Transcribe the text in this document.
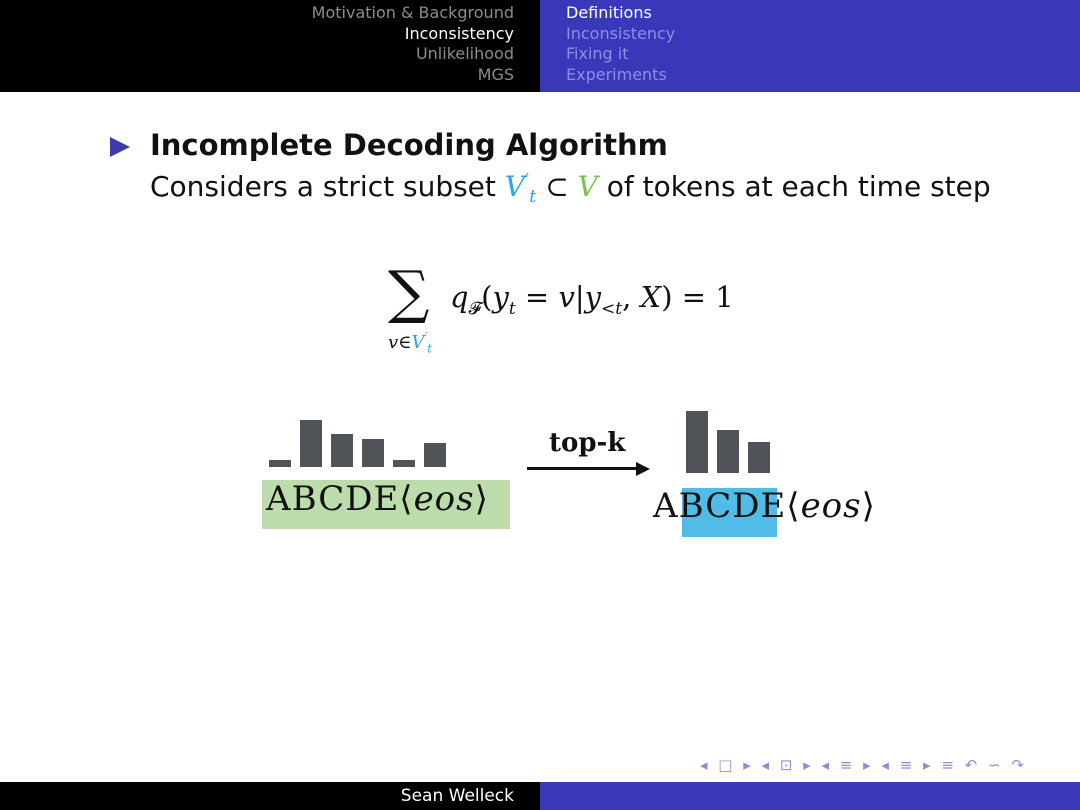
Motivation & Background
Inconsistency
Unlikelihood
MGS
Definitions
Inconsistency
Fixing it
Experiments
Incomplete Decoding Algorithm
Considers a strict subset $V'_t$ ⊂ V of tokens at each time step
∑
$v\in V'_t$
$q_𝓕(y_t = v|y_{<t}$, X) = 1
ABCDE⟨eos⟩
top-k
ABCDE⟨eos⟩
◂ □ ▸ ◂ ⊡ ▸ ◂ ≡ ▸ ◂ ≡ ▸ ≡ ↶ ∽ ↷
Sean Welleck
